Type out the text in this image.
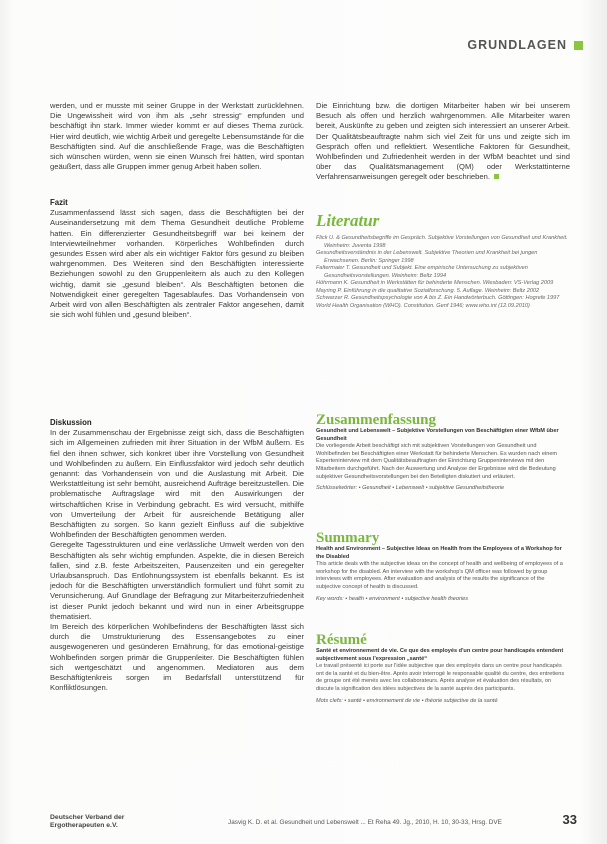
GRUNDLAGEN

werden, und er musste mit seiner Gruppe in der Werkstatt zurücklehnen. Die Ungewissheit wird von ihm als „sehr stressig“ empfunden und beschäftigt ihn stark. Immer wieder kommt er auf dieses Thema zurück. Hier wird deutlich, wie wichtig Arbeit und geregelte Lebensumstände für die Beschäftigten sind. Auf die anschließende Frage, was die Beschäftigten sich wünschen würden, wenn sie einen Wunsch frei hätten, wird spontan geäußert, dass alle Gruppen immer genug Arbeit haben sollen.

Fazit

Zusammenfassend lässt sich sagen, dass die Beschäftigten bei der Auseinandersetzung mit dem Thema Gesundheit deutliche Probleme hatten. Ein differenzierter Gesundheitsbegriff war bei keinem der Interviewteilnehmer vorhanden. Körperliches Wohlbefinden durch gesundes Essen wird aber als ein wichtiger Faktor fürs gesund zu bleiben wahrgenommen. Des Weiteren sind den Beschäftigten interessierte Beziehungen sowohl zu den Gruppenleitern als auch zu den Kollegen wichtig, damit sie „gesund bleiben“. Als Beschäftigten betonen die Notwendigkeit einer geregelten Tagesablaufes. Das Vorhandensein von Arbeit wird von allen Beschäftigten als zentraler Faktor angesehen, damit sie sich wohl fühlen und „gesund bleiben“.

Diskussion

In der Zusammenschau der Ergebnisse zeigt sich, dass die Beschäftigten sich im Allgemeinen zufrieden mit ihrer Situation in der WfbM äußern. Es fiel den ihnen schwer, sich konkret über ihre Vorstellung von Gesundheit und Wohlbefinden zu äußern. Ein Einflussfaktor wird jedoch sehr deutlich genannt: das Vorhandensein von und die Auslastung mit Arbeit. Die Werkstattleitung ist sehr bemüht, ausreichend Aufträge bereitzustellen. Die problematische Auftragslage wird mit den Auswirkungen der wirtschaftlichen Krise in Verbindung gebracht. Es wird versucht, mithilfe von Umverteilung der Arbeit für ausreichende Betätigung aller Beschäftigten zu sorgen. So kann gezielt Einfluss auf die subjektive Wohlbefinden der Beschäftigten genommen werden.

Geregelte Tagesstrukturen und eine verlässliche Umwelt werden von den Beschäftigten als sehr wichtig empfunden. Aspekte, die in diesen Bereich fallen, sind z.B. feste Arbeitszeiten, Pausenzeiten und ein geregelter Urlaubsanspruch. Das Entlohnungssystem ist ebenfalls bekannt. Es ist jedoch für die Beschäftigten unverständlich formuliert und führt somit zu Verunsicherung. Auf Grundlage der Befragung zur Mitarbeiterzufriedenheit ist dieser Punkt jedoch bekannt und wird nun in einer Arbeitsgruppe thematisiert.

Im Bereich des körperlichen Wohlbefindens der Beschäftigten lässt sich durch die Umstrukturierung des Essensangebotes zu einer ausgewogeneren und gesünderen Ernährung, für das emotional-geistige Wohlbefinden sorgen primär die Gruppenleiter. Die Beschäftigten fühlen sich wertgeschätzt und angenommen. Mediatoren aus dem Beschäftigtenkreis sorgen im Bedarfsfall unterstützend für Konfliktlösungen.

Die Einrichtung bzw. die dortigen Mitarbeiter haben wir bei unserem Besuch als offen und herzlich wahrgenommen. Alle Mitarbeiter waren bereit, Auskünfte zu geben und zeigten sich interessiert an unserer Arbeit. Der Qualitätsbeauftragte nahm sich viel Zeit für uns und zeigte sich im Gespräch offen und reflektiert. Wesentliche Faktoren für Gesundheit, Wohlbefinden und Zufriedenheit werden in der WfbM beachtet und sind über das Qualitätsmanagement (QM) oder Werkstattinterne Verfahrensanweisungen geregelt oder beschrieben.

Literatur
Flick U. & Gesundheitsbegriffe im Gespräch. Subjektive Vorstellungen von Gesundheit und Krankheit. Weinheim: Juventa 1998
Gesundheitsverständnis in der Lebenswelt. Subjektive Theorien und Krankheit bei jungen Erwachsenen. Berlin: Springer 1998
Faltermaier T. Gesundheit und Subjekt. Eine empirische Untersuchung zu subjektiven Gesundheitsvorstellungen. Weinheim: Beltz 1994
Höhrmann K. Gesundheit in Werkstätten für behinderte Menschen. Wiesbaden: VS-Verlag 2009
Mayring P. Einführung in die qualitative Sozialforschung. 5. Auflage. Weinheim: Beltz 2002
Schwarzer R. Gesundheitspsychologie von A bis Z. Ein Handwörterbuch. Göttingen: Hogrefe 1997
World Health Organisation (WHO). Constitution. Genf 1946; www.who.int (12.09.2010)
Zusammenfassung
Gesundheit und Lebenswelt – Subjektive Vorstellungen von Beschäftigten einer WfbM über Gesundheit
Die vorliegende Arbeit beschäftigt sich mit subjektiven Vorstellungen von Gesundheit und Wohlbefinden bei Beschäftigten einer Werkstatt für behinderte Menschen. Es wurden nach einem Experteninterview mit dem Qualitätsbeauftragten der Einrichtung Gruppeninterviews mit den Mitarbeitern durchgeführt. Nach der Auswertung und Analyse der Ergebnisse wird die Bedeutung subjektiver Gesundheitsvorstellungen bei den Beteiligten diskutiert und erläutert.
Schlüsselwörter: • Gesundheit • Lebenswelt • subjektive Gesundheitstheorie
Summary
Health and Environment – Subjective Ideas on Health from the Employees of a Workshop for the Disabled
This article deals with the subjective ideas on the concept of health and wellbeing of employees of a workshop for the disabled. An interview with the workshop's QM officer was followed by group interviews with employees. After evaluation and analysis of the results the significance of the subjective concept of health is discussed.
Key words: • health • environment • subjective health theories
Résumé
Santé et environnement de vie. Ce que des employés d'un centre pour handicapés entendent subjectivement sous l'expression „santé“
Le travail présenté ici porte sur l'idée subjective que des employés dans un centre pour handicapés ont de la santé et du bien-être. Après avoir interrogé le responsable qualité du centre, des entretiens de groupe ont été menés avec les collaborateurs. Après analyse et évaluation des résultats, on discute la signification des idées subjectives de la santé auprès des participants.
Mots clefs: • santé • environnement de vie • théorie subjective de la santé
Deutscher Verband der
Ergotherapeuten e.V.	Jasvig K. D. et al. Gesundheit und Lebenswelt ... Et Reha 49. Jg., 2010, H. 10, 30-33, Hrsg. DVE	33
